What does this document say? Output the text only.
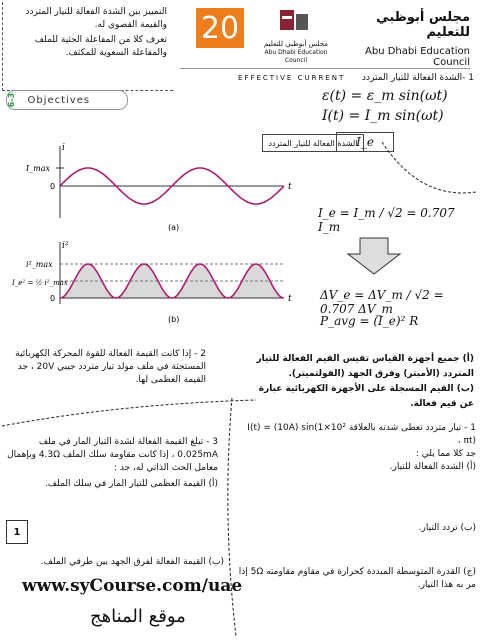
التمييز بين الشدة الفعالة للتيار المتردد والقيمة القصوى له.
تعرف كلا من المفاعلة الحثية للملف والمفاعلة السعوية للمكثف.
6-3 Objectives
20	مجلس أبوظبي للتعليم
Abu Dhabi Education Council
مجلس أبوظبي للتعليم
Abu Dhabi Education Council
EFFECTIVE CURRENT 1 -الشدة الفعالة للتيار المتردد
ε(t) = ε_m sin(ωt)
I(t) = I_m sin(ωt)
الشدة الفعالة للتيار المتردد
I_e
i
t
I_max
0
(a)
i²
t
i²_max
I_e² = ½ i²_max
0
(b)
I_e = I_m / √2 = 0.707 I_m
ΔV_e = ΔV_m / √2 = 0.707 ΔV_m
P_avg = (I_e)² R
(أ) جميع أجهزة القياس تقيس القيم الفعالة للتيار المتردد (الأميتر) وفرق الجهد (الفولتميتر).
(ب) القيم المسجلة على الأجهزة الكهربائية عبارة عن قيم فعالة.
2 - إذا كانت القيمة الفعالة للقوة المحركة الكهربائية المستحثة في ملف مولد تيار متردد جيبي 20V ، جد القيمة العظمى لها.
3 - تبلغ القيمة الفعالة لشدة التيار المار في ملف 0.025mA ، إذا كانت مقاومة سلك الملف 4.3Ω وبإهمال معامل الحث الذاتي له، جد :
(أ) القيمة العظمى للتيار المار في سلك الملف.
1
(ب) القيمة الفعالة لفرق الجهد بين طرفي الملف.
1 - تيار متردد تعطى شدته بالعلاقة I(t) = (10A) sin(1×10² πt) ،
جد كلا مما يلي :
(أ) الشدة الفعالة للتيار.
(ب) تردد التيار.
(ج) القدرة المتوسطة المبددة كحرارة في مقاوم مقاومته 5Ω إذا مر به هذا التيار.
www.syCourse.com/uae
موقع المناهج
